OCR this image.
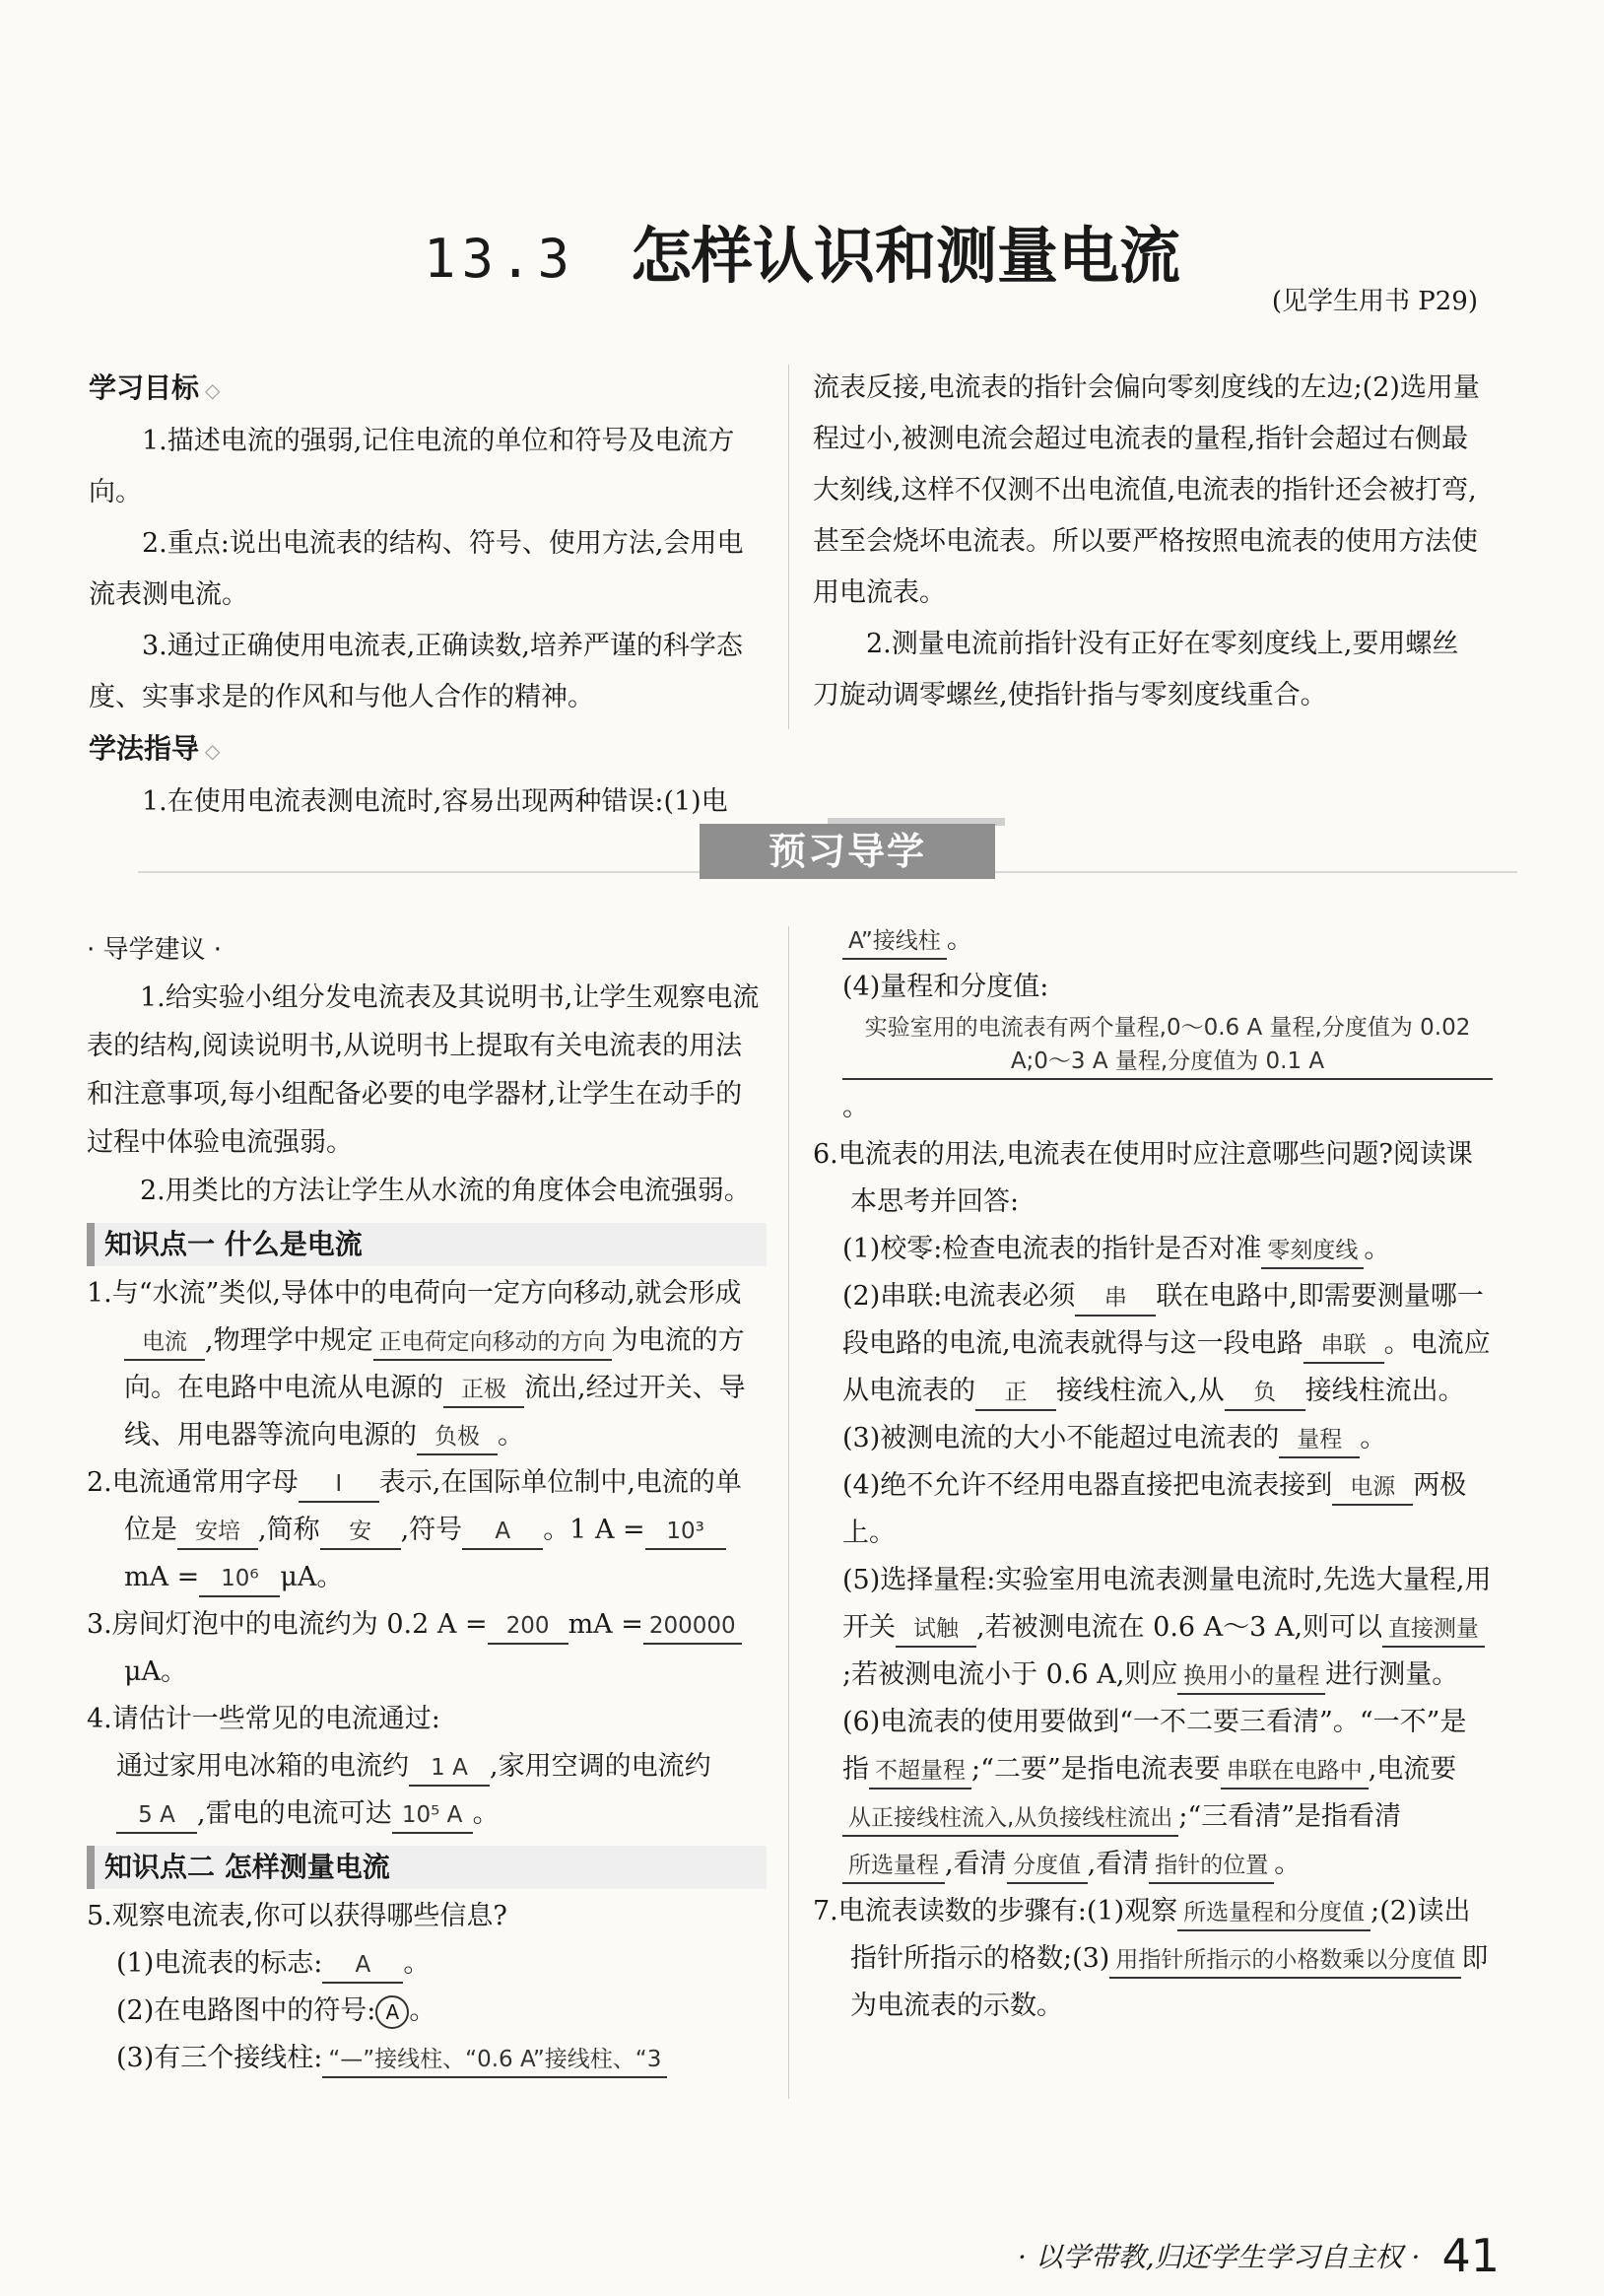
13.3 怎样认识和测量电流
(见学生用书 P29)

学习目标 ◇

1.描述电流的强弱,记住电流的单位和符号及电流方向。

2.重点:说出电流表的结构、符号、使用方法,会用电流表测电流。

3.通过正确使用电流表,正确读数,培养严谨的科学态度、实事求是的作风和与他人合作的精神。

学法指导 ◇

1.在使用电流表测电流时,容易出现两种错误:(1)电

流表反接,电流表的指针会偏向零刻度线的左边;(2)选用量程过小,被测电流会超过电流表的量程,指针会超过右侧最大刻线,这样不仅测不出电流值,电流表的指针还会被打弯,甚至会烧坏电流表。所以要严格按照电流表的使用方法使用电流表。

2.测量电流前指针没有正好在零刻度线上,要用螺丝刀旋动调零螺丝,使指针指与零刻度线重合。

预习导学

· 导学建议 ·

1.给实验小组分发电流表及其说明书,让学生观察电流表的结构,阅读说明书,从说明书上提取有关电流表的用法和注意事项,每小组配备必要的电学器材,让学生在动手的过程中体验电流强弱。

2.用类比的方法让学生从水流的角度体会电流强弱。

知识点一 什么是电流

1.与“水流”类似,导体中的电荷向一定方向移动,就会形成电流 ,物理学中规定 正电荷定向移动的方向 为电流的方向。在电路中电流从电源的 正极 流出,经过开关、导线、用电器等流向电源的 负极 。

2.电流通常用字母 I 表示,在国际单位制中,电流的单位是 安培 ,简称 安 ,符号 A 。1 A = 10³mA = 10⁶ μA。

3.房间灯泡中的电流约为 0.2 A = 200 mA = 200000μA。

4.请估计一些常见的电流通过:

通过家用电冰箱的电流约 1 A ,家用空调的电流约5 A ,雷电的电流可达 10⁵ A 。

知识点二 怎样测量电流

5.观察电流表,你可以获得哪些信息?

(1)电流表的标志: A 。

(2)在电路图中的符号: A 。

(3)有三个接线柱: “—”接线柱、“0.6 A”接线柱、“3

A”接线柱 。

(4)量程和分度值:实验室用的电流表有两个量程,0～0.6 A 量程,分度值为 0.02 A;0～3 A 量程,分度值为 0.1 A。

6.电流表的用法,电流表在使用时应注意哪些问题?阅读课本思考并回答:

(1)校零:检查电流表的指针是否对准 零刻度线 。

(2)串联:电流表必须 串 联在电路中,即需要测量哪一段电路的电流,电流表就得与这一段电路 串联 。电流应从电流表的 正 接线柱流入,从 负 接线柱流出。

(3)被测电流的大小不能超过电流表的 量程 。

(4)绝不允许不经用电器直接把电流表接到 电源 两极上。

(5)选择量程:实验室用电流表测量电流时,先选大量程,用开关 试触 ,若被测电流在 0.6 A～3 A,则可以 直接测量;若被测电流小于 0.6 A,则应 换用小的量程 进行测量。

(6)电流表的使用要做到“一不二要三看清”。“一不”是指 不超量程 ;“二要”是指电流表要 串联在电路中 ,电流要从正接线柱流入,从负接线柱流出 ;“三看清”是指看清所选量程 ,看清 分度值 ,看清 指针的位置 。

7.电流表读数的步骤有:(1)观察 所选量程和分度值 ;(2)读出指针所指示的格数;(3) 用指针所指示的小格数乘以分度值 即为电流表的示数。

· 以学带教,归还学生学习自主权 · 41
